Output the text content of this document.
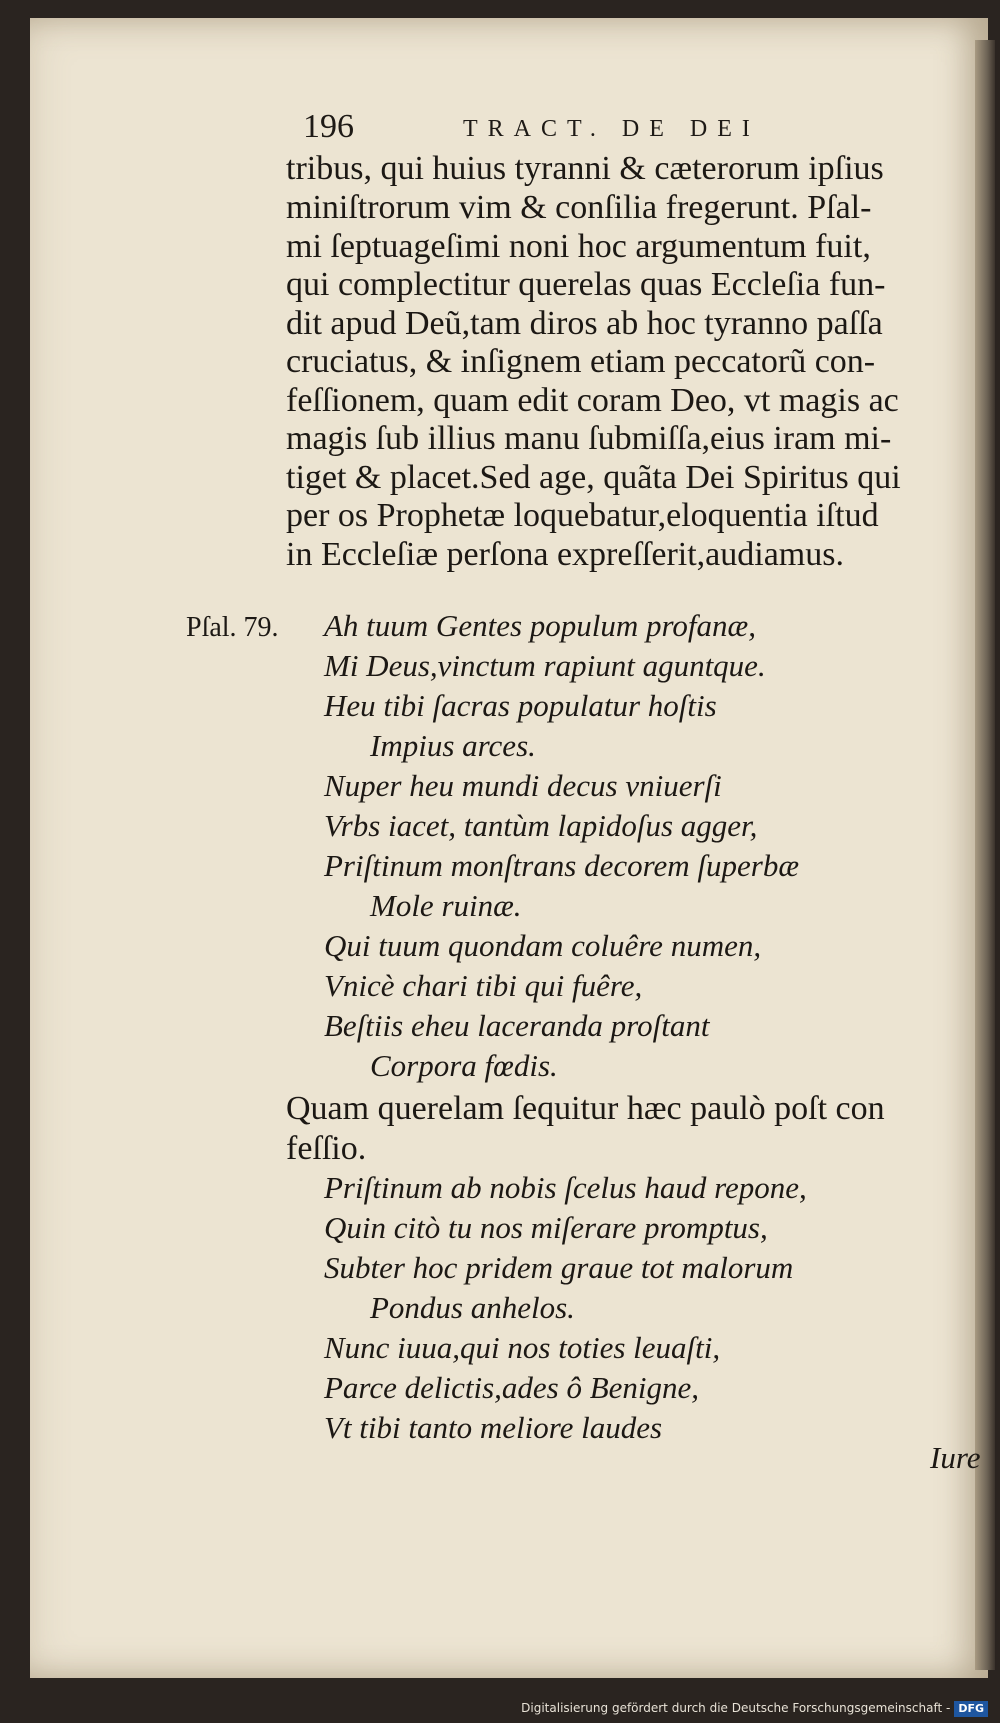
196	TRACT. DE DEI
tribus, qui huius tyranni & cæterorum ipſius
miniſtrorum vim & conſilia fregerunt. Pſal-
mi ſeptuageſimi noni hoc argumentum fuit,
qui complectitur querelas quas Eccleſia fun-
dit apud Deũ,tam diros ab hoc tyranno paſſa
cruciatus, & inſignem etiam peccatorũ con-
feſſionem, quam edit coram Deo, vt magis ac
magis ſub illius manu ſubmiſſa,eius iram mi-
tiget & placet.Sed age, quãta Dei Spiritus qui
per os Prophetæ loquebatur,eloquentia iſtud
in Eccleſiæ perſona expreſſerit,audiamus.
Pſal. 79. Ah tuum Gentes populum profanæ,
Mi Deus,vinctum rapiunt aguntque.
Heu tibi ſacras populatur hoſtis
Impius arces.
Nuper heu mundi decus vniuerſi
Vrbs iacet, tantùm lapidoſus agger,
Priſtinum monſtrans decorem ſuperbæ
Mole ruinæ.
Qui tuum quondam coluêre numen,
Vnicè chari tibi qui fuêre,
Beſtiis eheu laceranda proſtant
Corpora fœdis.
Quam querelam ſequitur hæc paulò poſt con
feſſio.
Priſtinum ab nobis ſcelus haud repone,
Quin citò tu nos miſerare promptus,
Subter hoc pridem graue tot malorum
Pondus anhelos.
Nunc iuua,qui nos toties leuaſti,
Parce delictis,ades ô Benigne,
Vt tibi tanto meliore laudes
Iure
Digitalisierung gefördert durch die Deutsche Forschungsgemeinschaft - DFG
